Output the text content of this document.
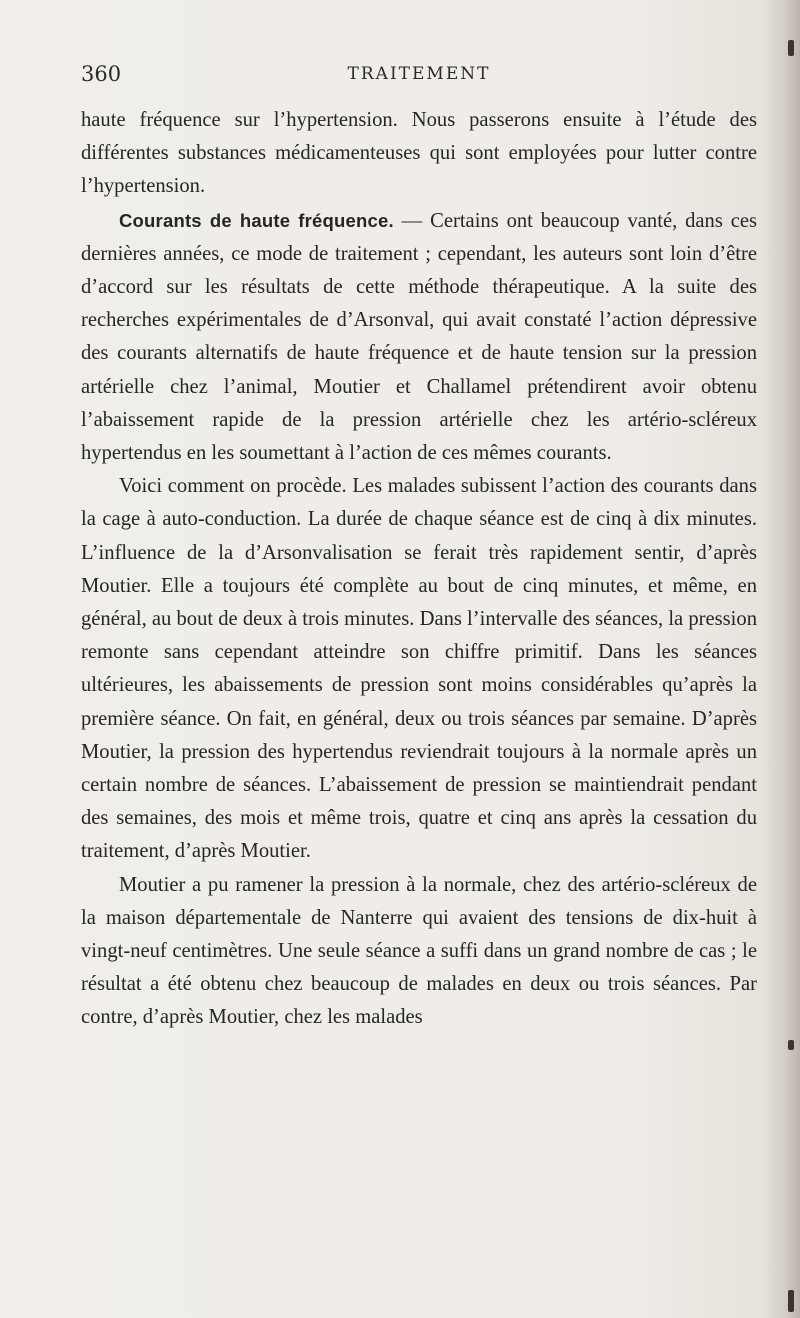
360	TRAITEMENT

haute fréquence sur l’hypertension. Nous passerons ensuite à l’étude des différentes substances médicamenteuses qui sont employées pour lutter contre l’hypertension.

Courants de haute fréquence. — Certains ont beaucoup vanté, dans ces dernières années, ce mode de traitement ; cependant, les auteurs sont loin d’être d’accord sur les résultats de cette méthode thérapeutique. A la suite des recherches expérimentales de d’Arsonval, qui avait constaté l’action dépressive des courants alternatifs de haute fréquence et de haute tension sur la pression artérielle chez l’animal, Moutier et Challamel prétendirent avoir obtenu l’abaissement rapide de la pression artérielle chez les artério-scléreux hypertendus en les soumettant à l’action de ces mêmes courants.

Voici comment on procède. Les malades subissent l’action des courants dans la cage à auto-conduction. La durée de chaque séance est de cinq à dix minutes. L’influence de la d’Arsonvalisation se ferait très rapidement sentir, d’après Moutier. Elle a toujours été complète au bout de cinq minutes, et même, en général, au bout de deux à trois minutes. Dans l’intervalle des séances, la pression remonte sans cependant atteindre son chiffre primitif. Dans les séances ultérieures, les abaissements de pression sont moins considérables qu’après la première séance. On fait, en général, deux ou trois séances par semaine. D’après Moutier, la pression des hypertendus reviendrait toujours à la normale après un certain nombre de séances. L’abaissement de pression se maintiendrait pendant des semaines, des mois et même trois, quatre et cinq ans après la cessation du traitement, d’après Moutier.

Moutier a pu ramener la pression à la normale, chez des artério-scléreux de la maison départementale de Nanterre qui avaient des tensions de dix-huit à vingt-neuf centimètres. Une seule séance a suffi dans un grand nombre de cas ; le résultat a été obtenu chez beaucoup de malades en deux ou trois séances. Par contre, d’après Moutier, chez les malades
